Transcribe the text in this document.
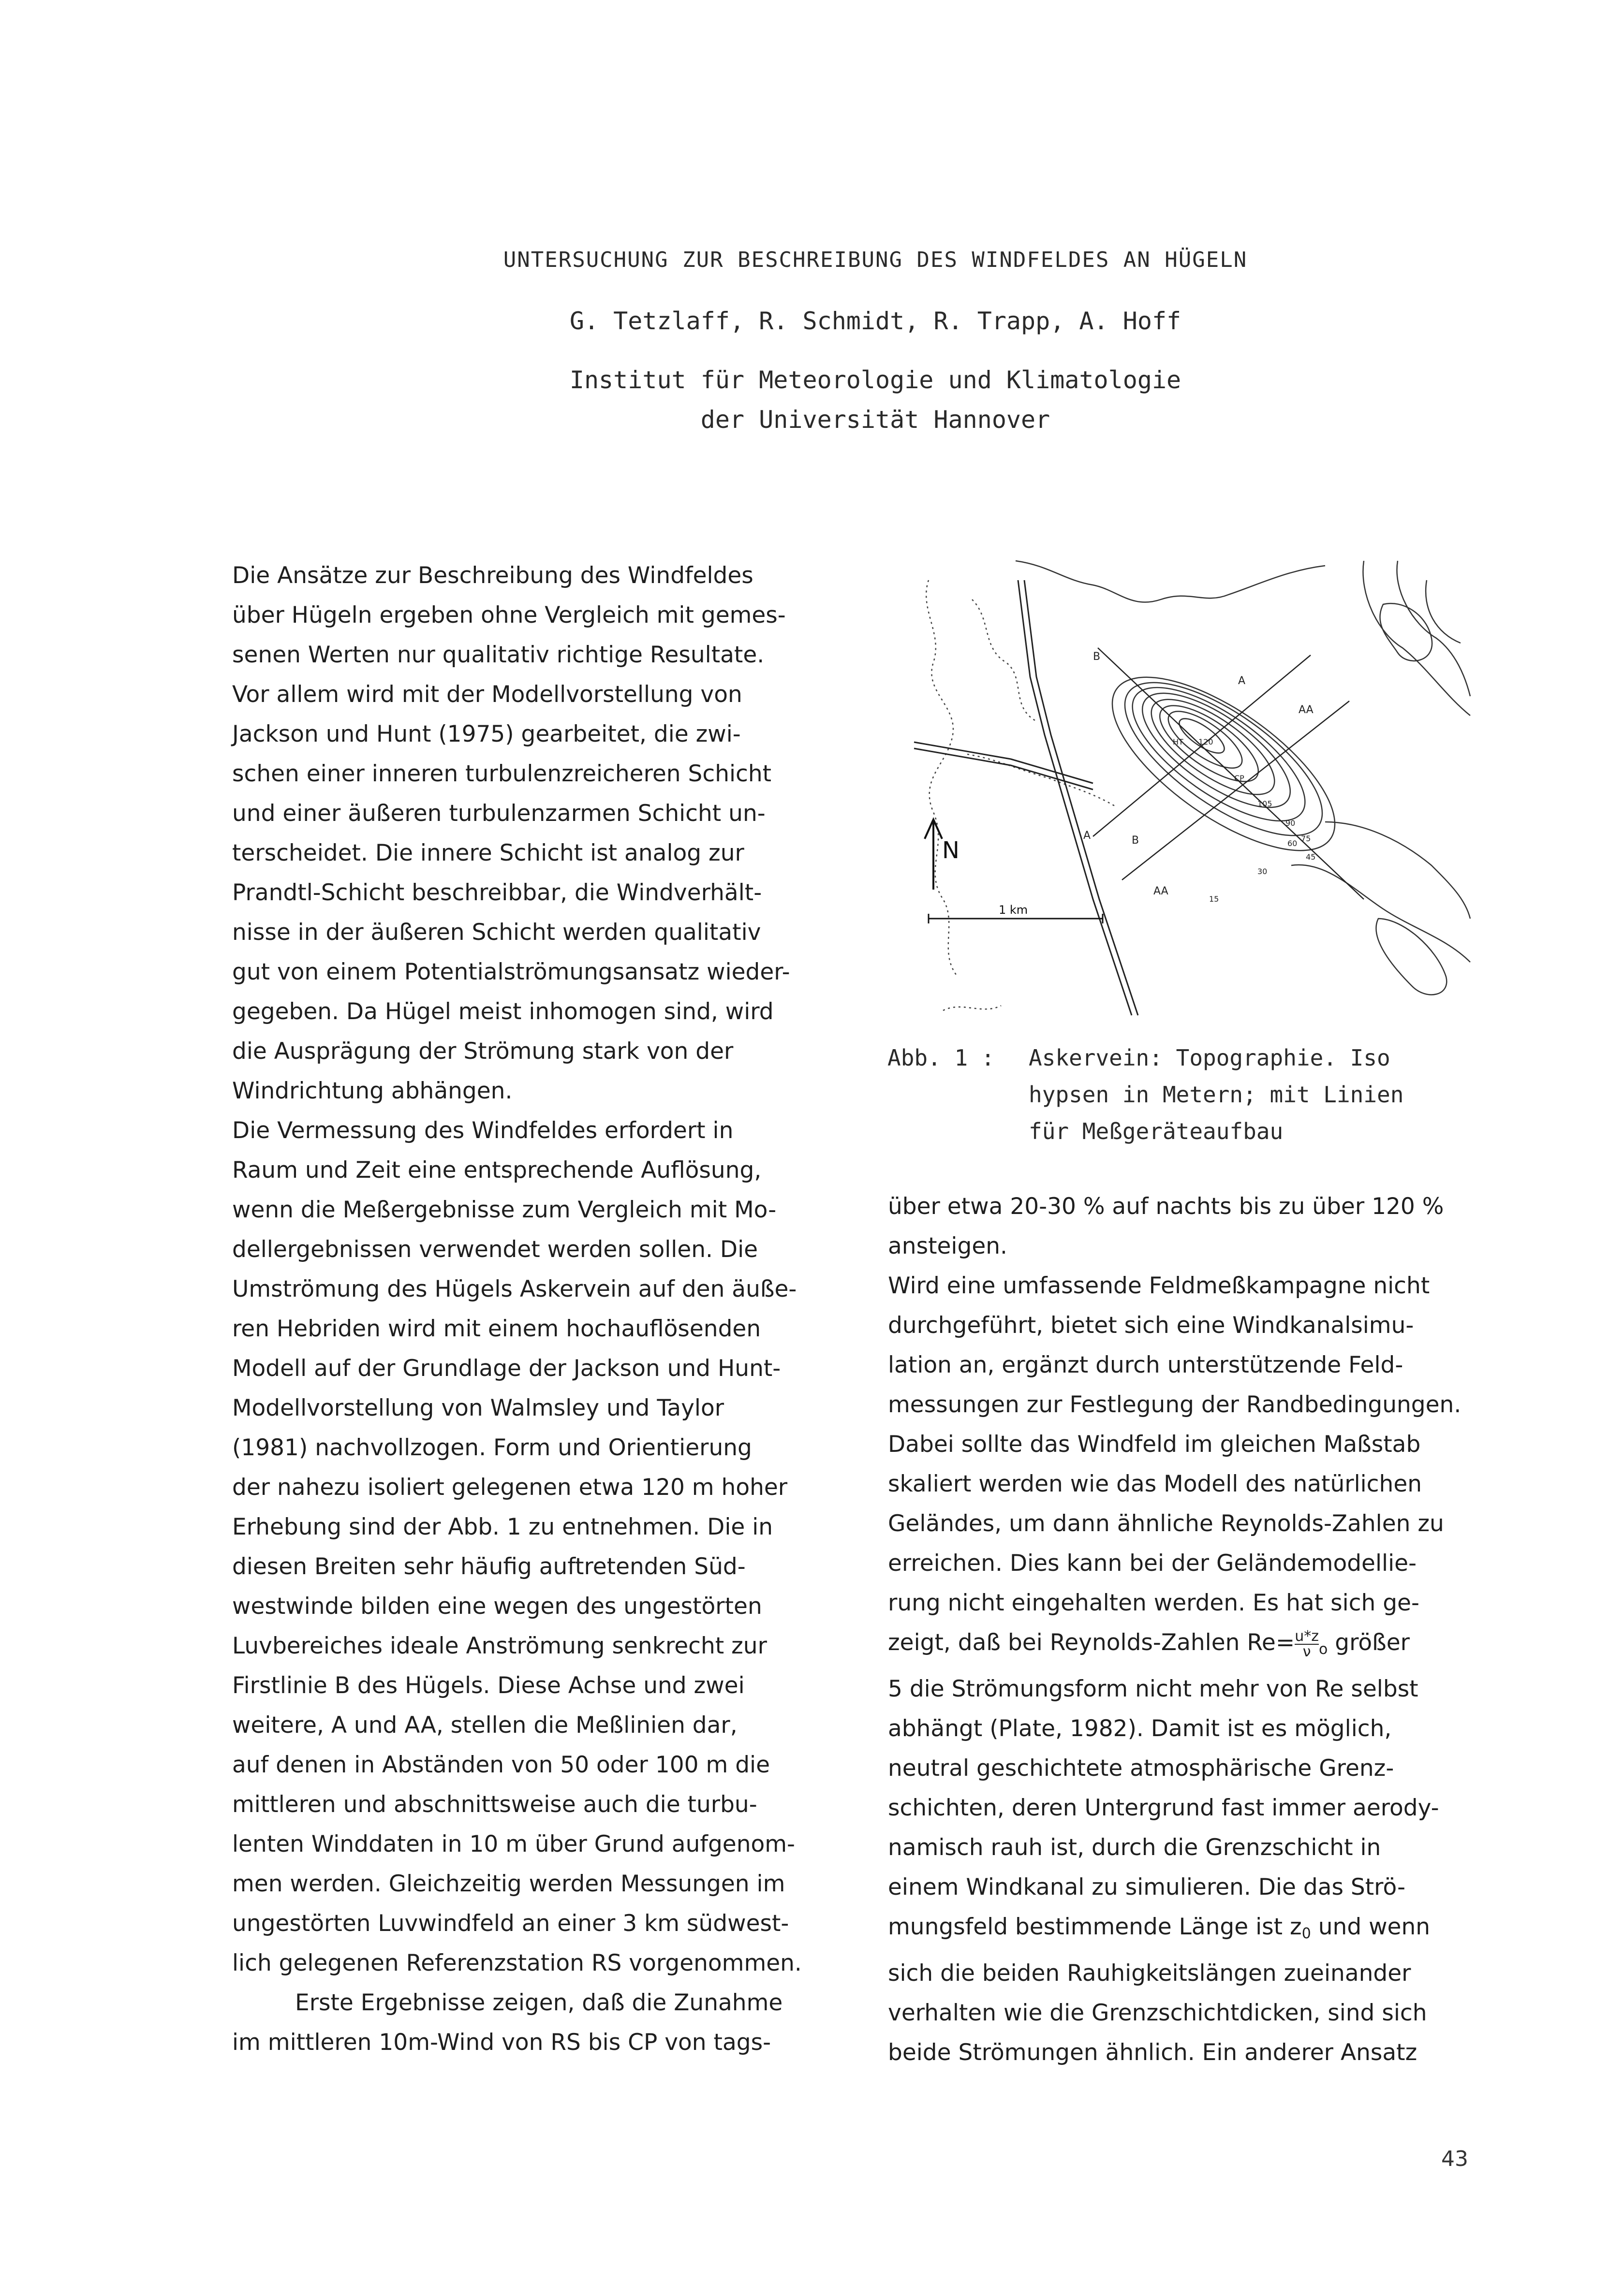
UNTERSUCHUNG ZUR BESCHREIBUNG DES WINDFELDES AN HÜGELN
G. Tetzlaff, R. Schmidt, R. Trapp, A. Hoff
Institut für Meteorologie und Klimatologie
der Universität Hannover

Die Ansätze zur Beschreibung des Windfeldes

über Hügeln ergeben ohne Vergleich mit gemes-

senen Werten nur qualitativ richtige Resultate.

Vor allem wird mit der Modellvorstellung von

Jackson und Hunt (1975) gearbeitet, die zwi-

schen einer inneren turbulenzreicheren Schicht

und einer äußeren turbulenzarmen Schicht un-

terscheidet. Die innere Schicht ist analog zur

Prandtl-Schicht beschreibbar, die Windverhält-

nisse in der äußeren Schicht werden qualitativ

gut von einem Potentialströmungsansatz wieder-

gegeben. Da Hügel meist inhomogen sind, wird

die Ausprägung der Strömung stark von der

Windrichtung abhängen.

Die Vermessung des Windfeldes erfordert in

Raum und Zeit eine entsprechende Auflösung,

wenn die Meßergebnisse zum Vergleich mit Mo-

dellergebnissen verwendet werden sollen. Die

Umströmung des Hügels Askervein auf den äuße-

ren Hebriden wird mit einem hochauflösenden

Modell auf der Grundlage der Jackson und Hunt-

Modellvorstellung von Walmsley und Taylor

(1981) nachvollzogen. Form und Orientierung

der nahezu isoliert gelegenen etwa 120 m hoher

Erhebung sind der Abb. 1 zu entnehmen. Die in

diesen Breiten sehr häufig auftretenden Süd-

westwinde bilden eine wegen des ungestörten

Luvbereiches ideale Anströmung senkrecht zur

Firstlinie B des Hügels. Diese Achse und zwei

weitere, A und AA, stellen die Meßlinien dar,

auf denen in Abständen von 50 oder 100 m die

mittleren und abschnittsweise auch die turbu-

lenten Winddaten in 10 m über Grund aufgenom-

men werden. Gleichzeitig werden Messungen im

ungestörten Luvwindfeld an einer 3 km südwest-

lich gelegenen Referenzstation RS vorgenommen.

Erste Ergebnisse zeigen, daß die Zunahme

im mittleren 10m-Wind von RS bis CP von tags-

N
1 km
B
A
AA
B
A
AA
120
CP
HT
105
90
75
60
45
30
15
Abb. 1 : Askervein: Topographie. Iso
hypsen in Metern; mit Linien
für Meßgeräteaufbau

über etwa 20-30 % auf nachts bis zu über 120 %

ansteigen.

Wird eine umfassende Feldmeßkampagne nicht

durchgeführt, bietet sich eine Windkanalsimu-

lation an, ergänzt durch unterstützende Feld-

messungen zur Festlegung der Randbedingungen.

Dabei sollte das Windfeld im gleichen Maßstab

skaliert werden wie das Modell des natürlichen

Geländes, um dann ähnliche Reynolds-Zahlen zu

erreichen. Dies kann bei der Geländemodellie-

rung nicht eingehalten werden. Es hat sich ge-

zeigt, daß bei Reynolds-Zahlen $Re= \frac{u*z}{\nu} _o$ größer

5 die Strömungsform nicht mehr von Re selbst

abhängt (Plate, 1982). Damit ist es möglich,

neutral geschichtete atmosphärische Grenz-

schichten, deren Untergrund fast immer aerody-

namisch rauh ist, durch die Grenzschicht in

einem Windkanal zu simulieren. Die das Strö-

mungsfeld bestimmende Länge ist $z_0$ und wenn

sich die beiden Rauhigkeitslängen zueinander

verhalten wie die Grenzschichtdicken, sind sich

beide Strömungen ähnlich. Ein anderer Ansatz

43
